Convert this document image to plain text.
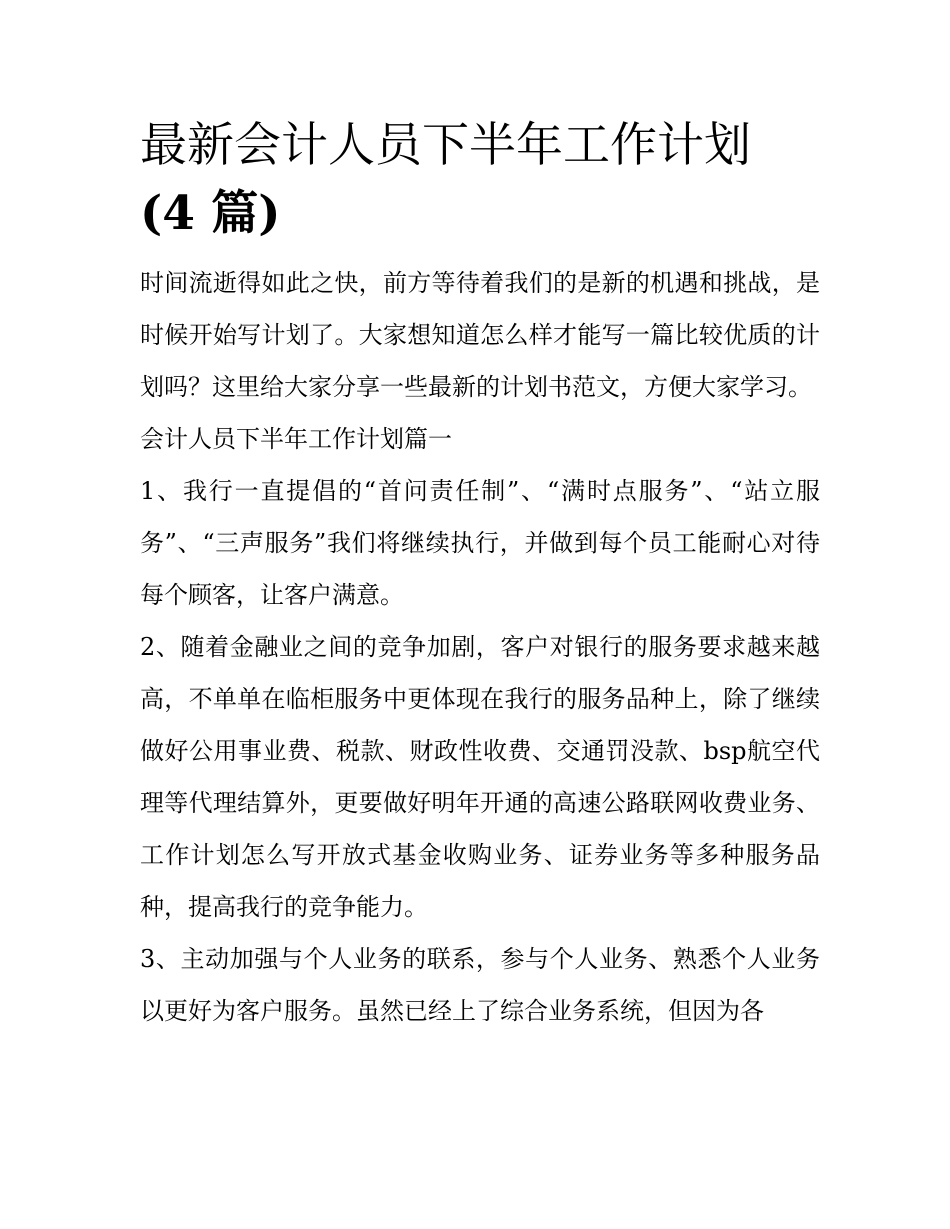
最新会计人员下半年工作计划
(4 篇)

时间流逝得如此之快，前方等待着我们的是新的机遇和挑战，是时候开始写计划了。大家想知道怎么样才能写一篇比较优质的计划吗？这里给大家分享一些最新的计划书范文，方便大家学习。

会计人员下半年工作计划篇一

1、我行一直提倡的“首问责任制”、“满时点服务”、“站立服务”、“三声服务”我们将继续执行，并做到每个员工能耐心对待每个顾客，让客户满意。

2、随着金融业之间的竞争加剧，客户对银行的服务要求越来越高，不单单在临柜服务中更体现在我行的服务品种上，除了继续做好公用事业费、税款、财政性收费、交通罚没款、bsp航空代理等代理结算外，更要做好明年开通的高速公路联网收费业务、工作计划怎么写开放式基金收购业务、证券业务等多种服务品种，提高我行的竞争能力。

3、主动加强与个人业务的联系，参与个人业务、熟悉个人业务以更好为客户服务。虽然已经上了综合业务系统，但因为各
